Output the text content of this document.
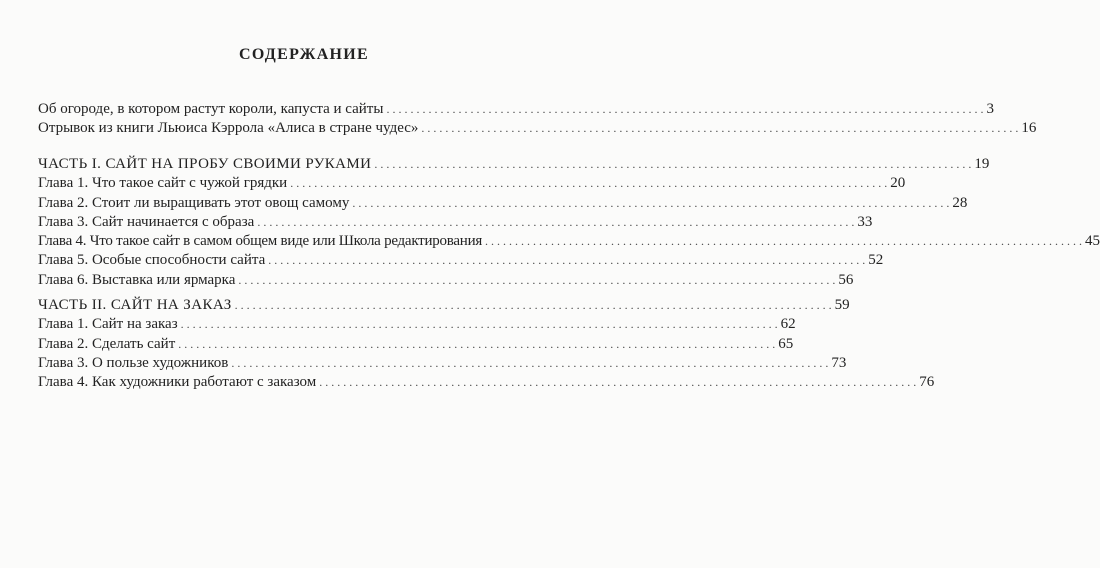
СОДЕРЖАНИЕ
Об огороде, в котором растут короли, капуста и сайты . . .	3
Отрывок из книги Льюиса Кэррола «Алиса в стране чудес» . . .	16
ЧАСТЬ I. САЙТ НА ПРОБУ СВОИМИ РУКАМИ . . .	19
Глава 1. Что такое сайт с чужой грядки . . .	20
Глава 2. Стоит ли выращивать этот овощ самому . . .	28
Глава 3. Сайт начинается с образа . . .	33
Глава 4. Что такое сайт в самом общем виде или Школа редактирования . . .	45
Глава 5. Особые способности сайта . . .	52
Глава 6. Выставка или ярмарка . . .	56
ЧАСТЬ II. САЙТ НА ЗАКАЗ . . .	59
Глава 1. Сайт на заказ . . .	62
Глава 2. Сделать сайт . . .	65
Глава 3. О пользе художников . . .	73
Глава 4. Как художники работают с заказом . . .	76
